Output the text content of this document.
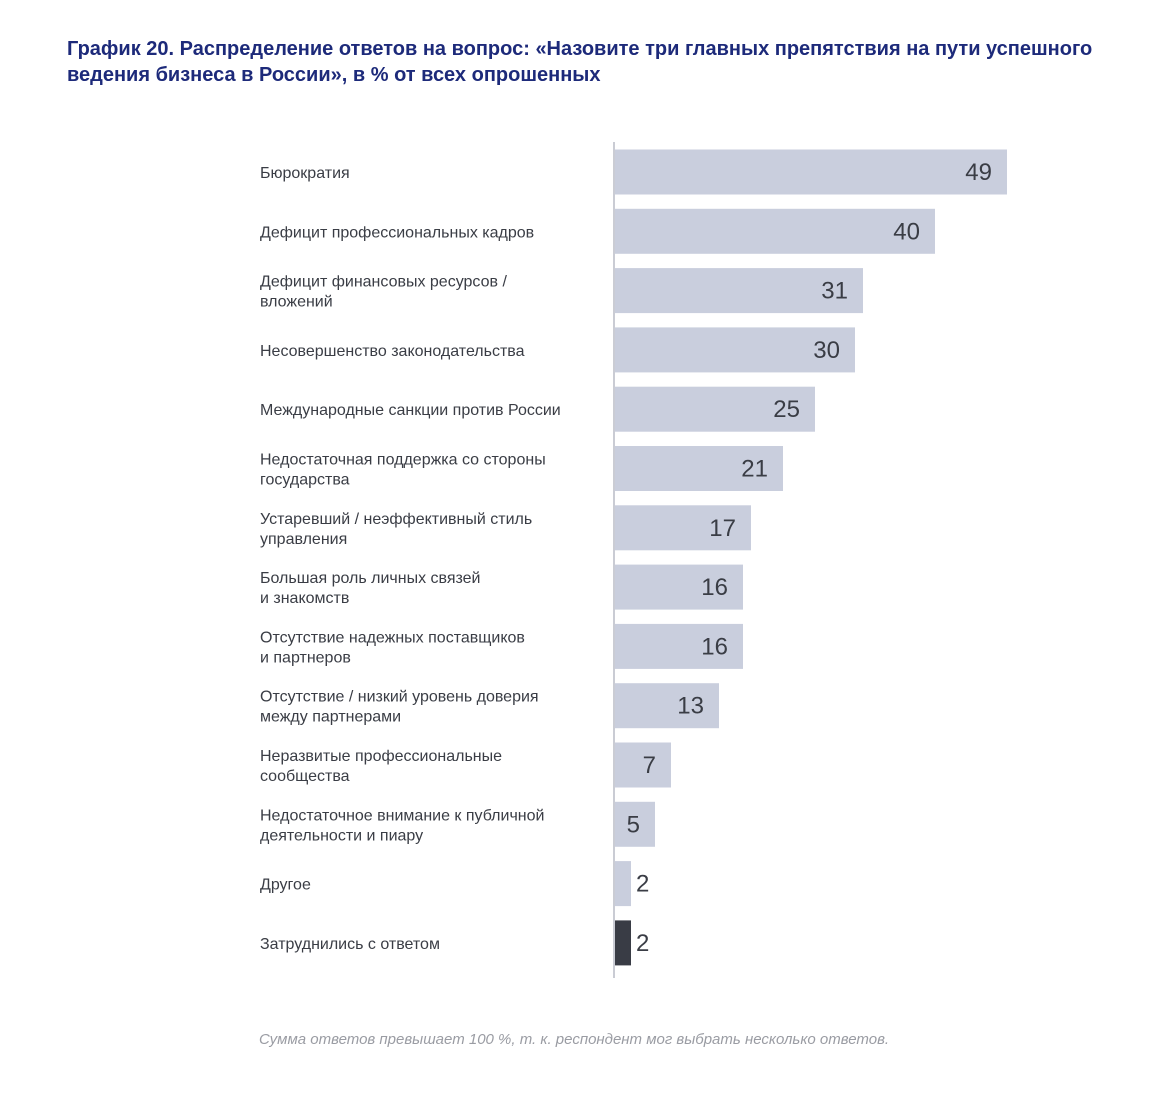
График 20. Распределение ответов на вопрос: «Назовите три главных препятствия на пути успешного ведения бизнеса в России», в % от всех опрошенных
49
Бюрократия
40
Дефицит профессиональных кадров
31
Дефицит финансовых ресурсов / вложений
30
Несовершенство законодательства
25
Международные санкции против России
21
Недостаточная поддержка со стороны государства
17
Устаревший / неэффективный стиль управления
16
Большая роль личных связей и знакомств
16
Отсутствие надежных поставщиков и партнеров
13
Отсутствие / низкий уровень доверия между партнерами
7
Неразвитые профессиональные сообщества
5
Недостаточное внимание к публичной деятельности и пиару
2
Другое
2
Затруднились с ответом

Сумма ответов превышает 100 %, т. к. респондент мог выбрать несколько ответов.
